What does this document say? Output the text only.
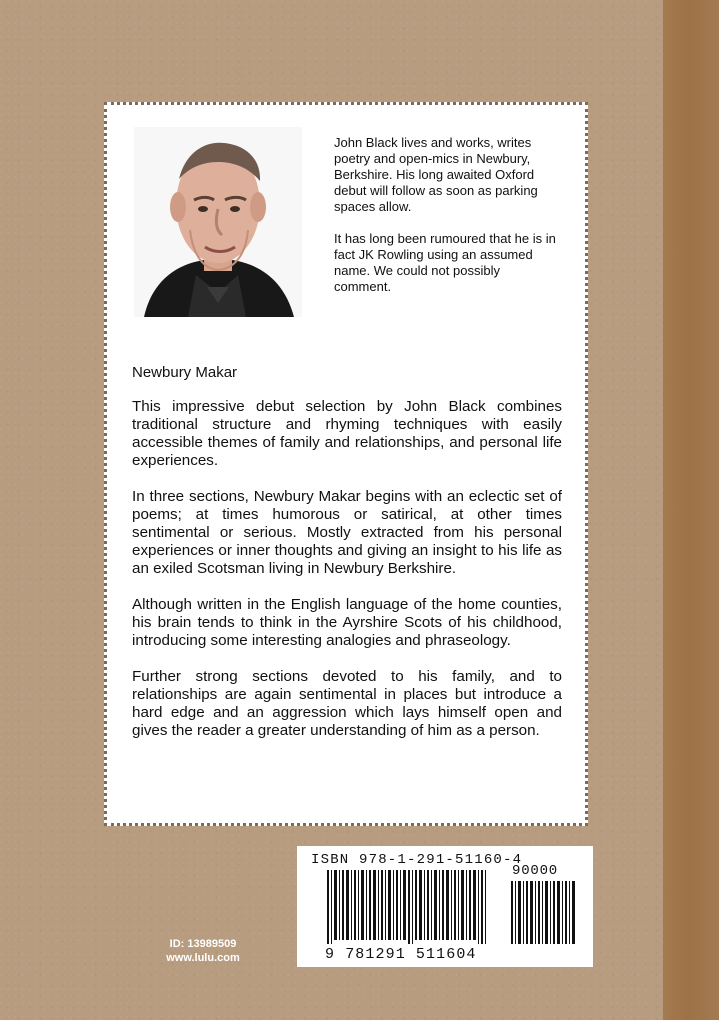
John Black lives and works, writes poetry and open-mics in Newbury, Berkshire. His long awaited Oxford debut will follow as soon as parking spaces allow.

It has long been rumoured that he is in fact JK Rowling using an assumed name. We could not possibly comment.

Newbury Makar

This impressive debut selection by John Black combines traditional structure and rhyming techniques with easily accessible themes of family and relationships, and personal life experiences.

In three sections, Newbury Makar begins with an eclectic set of poems; at times humorous or satirical, at other times sentimental or serious. Mostly extracted from his personal experiences or inner thoughts and giving an insight to his life as an exiled Scotsman living in Newbury Berkshire.

Although written in the English language of the home counties, his brain tends to think in the Ayrshire Scots of his childhood, introducing some interesting analogies and phraseology.

Further strong sections devoted to his family, and to relationships are again sentimental in places but introduce a hard edge and an aggression which lays himself open and gives the reader a greater understanding of him as a person.

ISBN 978-1-291-51160-4
90000
9 781291 511604
ID: 13989509
www.lulu.com
